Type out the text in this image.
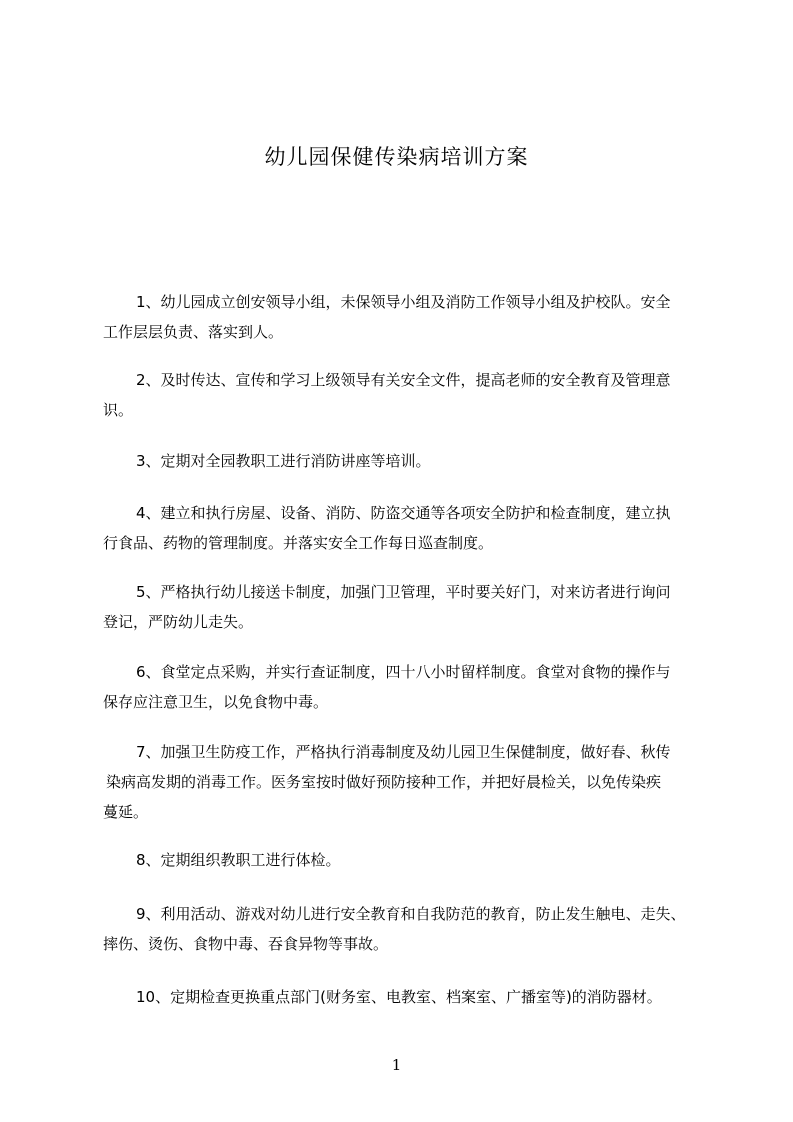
幼儿园保健传染病培训方案

1、幼儿园成立创安领导小组，未保领导小组及消防工作领导小组及护校队。安全
工作层层负责、落实到人。

2、及时传达、宣传和学习上级领导有关安全文件，提高老师的安全教育及管理意
识。

3、定期对全园教职工进行消防讲座等培训。

4、建立和执行房屋、设备、消防、防盗交通等各项安全防护和检查制度，建立执
行食品、药物的管理制度。并落实安全工作每日巡查制度。

5、严格执行幼儿接送卡制度，加强门卫管理，平时要关好门，对来访者进行询问
登记，严防幼儿走失。

6、食堂定点采购，并实行查证制度，四十八小时留样制度。食堂对食物的操作与
保存应注意卫生，以免食物中毒。

7、加强卫生防疫工作，严格执行消毒制度及幼儿园卫生保健制度，做好春、秋传
染病高发期的消毒工作。医务室按时做好预防接种工作，并把好晨检关，以免传染疾
蔓延。

8、定期组织教职工进行体检。

9、利用活动、游戏对幼儿进行安全教育和自我防范的教育，防止发生触电、走失、
摔伤、烫伤、食物中毒、吞食异物等事故。

10、定期检查更换重点部门(财务室、电教室、档案室、广播室等)的消防器材。

1
